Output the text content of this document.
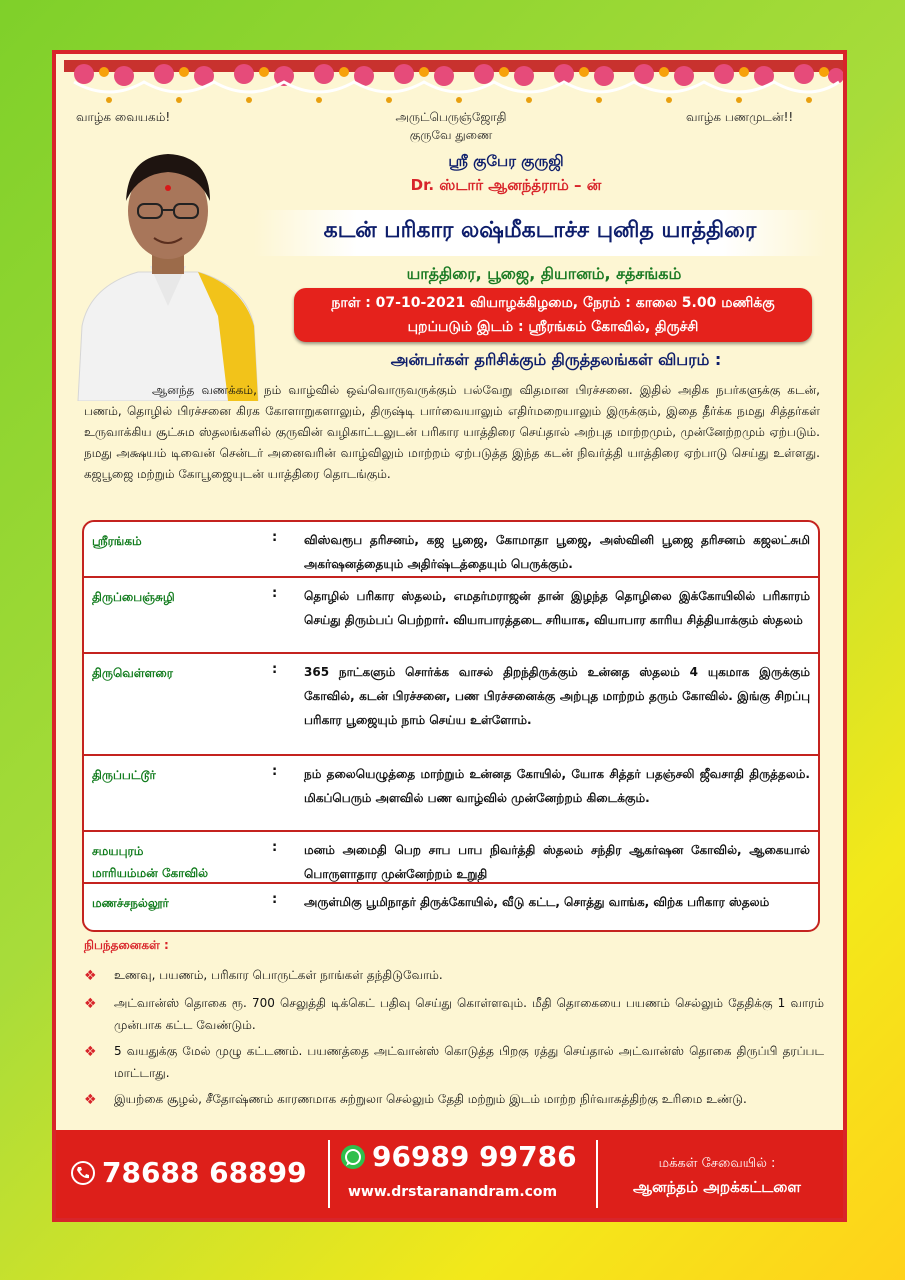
வாழ்க வையகம்!	அருட்பெருஞ்ஜோதி
குருவே துணை
வாழ்க பணமுடன்!!
ஸ்ரீ குபேர குருஜி
Dr. ஸ்டார் ஆனந்த்ராம் – ன்
கடன் பரிகார லஷ்மீகடாச்ச புனித யாத்திரை
யாத்திரை, பூஜை, தியானம், சத்சங்கம்
நாள் : 07-10-2021 வியாழக்கிழமை, நேரம் : காலை 5.00 மணிக்கு
புறப்படும் இடம் : ஸ்ரீரங்கம் கோவில், திருச்சி
அன்பர்கள் தரிசிக்கும் திருத்தலங்கள் விபரம் :
ஆனந்த வணக்கம், நம் வாழ்வில் ஒவ்வொருவருக்கும் பல்வேறு விதமான பிரச்சனை. இதில் அதிக நபர்களுக்கு கடன், பணம், தொழில் பிரச்சனை கிரக கோளாறுகளாலும், திருஷ்டி பார்வையாலும் எதிர்மறையாலும் இருக்கும், இதை தீர்க்க நமது சித்தர்கள் உருவாக்கிய சூட்சும ஸ்தலங்களில் குருவின் வழிகாட்டலுடன் பரிகார யாத்திரை செய்தால் அற்புத மாற்றமும், முன்னேற்றமும் ஏற்படும். நமது அக்ஷயம் டிவைன் சென்டர் அனைவரின் வாழ்விலும் மாற்றம் ஏற்படுத்த இந்த கடன் நிவர்த்தி யாத்திரை ஏற்பாடு செய்து உள்ளது. கஜபூஜை மற்றும் கோபூஜையுடன் யாத்திரை தொடங்கும்.
ஸ்ரீரங்கம்	: விஸ்வரூப தரிசனம், கஜ பூஜை, கோமாதா பூஜை, அஸ்வினி பூஜை தரிசனம் கஜலட்சுமி அகர்ஷனத்தையும் அதிர்ஷ்டத்தையும் பெருக்கும்.
திருப்பைஞ்சுழி	: தொழில் பரிகார ஸ்தலம், எமதர்மராஜன் தான் இழந்த தொழிலை இக்கோயிலில் பரிகாரம் செய்து திரும்பப் பெற்றார். வியாபாரத்தடை சரியாக, வியாபார காரிய சித்தியாக்கும் ஸ்தலம்
திருவெள்ளரை	: 365 நாட்களும் சொர்க்க வாசல் திறந்திருக்கும் உன்னத ஸ்தலம் 4 யுகமாக இருக்கும் கோவில், கடன் பிரச்சனை, பண பிரச்சனைக்கு அற்புத மாற்றம் தரும் கோவில். இங்கு சிறப்பு பரிகார பூஜையும் நாம் செய்ய உள்ளோம்.
திருப்பட்டூர்	: நம் தலையெழுத்தை மாற்றும் உன்னத கோயில், யோக சித்தர் பதஞ்சலி ஜீவசாதி திருத்தலம். மிகப்பெரும் அளவில் பண வாழ்வில் முன்னேற்றம் கிடைக்கும்.
சமயபுரம்
மாரியம்மன் கோவில்
: மனம் அமைதி பெற சாப பாப நிவர்த்தி ஸ்தலம் சந்திர ஆகர்ஷன கோவில், ஆகையால் பொருளாதார முன்னேற்றம் உறுதி
மணச்சநல்லூர்	: அருள்மிகு பூமிநாதர் திருக்கோயில், வீடு கட்ட, சொத்து வாங்க, விற்க பரிகார ஸ்தலம்
நிபந்தனைகள் :
❖ உணவு, பயணம், பரிகார பொருட்கள் நாங்கள் தந்திடுவோம்.
❖ அட்வான்ஸ் தொகை ரூ. 700 செலுத்தி டிக்கெட் பதிவு செய்து கொள்ளவும். மீதி தொகையை பயணம் செல்லும் தேதிக்கு 1 வாரம் முன்பாக கட்ட வேண்டும்.
❖ 5 வயதுக்கு மேல் முழு கட்டணம். பயணத்தை அட்வான்ஸ் கொடுத்த பிறகு ரத்து செய்தால் அட்வான்ஸ் தொகை திருப்பி தரப்பட மாட்டாது.
❖ இயற்கை சூழல், சீதோஷ்ணம் காரணமாக சுற்றுலா செல்லும் தேதி மற்றும் இடம் மாற்ற நிர்வாகத்திற்கு உரிமை உண்டு.
78688 68899 96989 99786
www.drstaranandram.com
மக்கள் சேவையில் :
ஆனந்தம் அறக்கட்டளை
